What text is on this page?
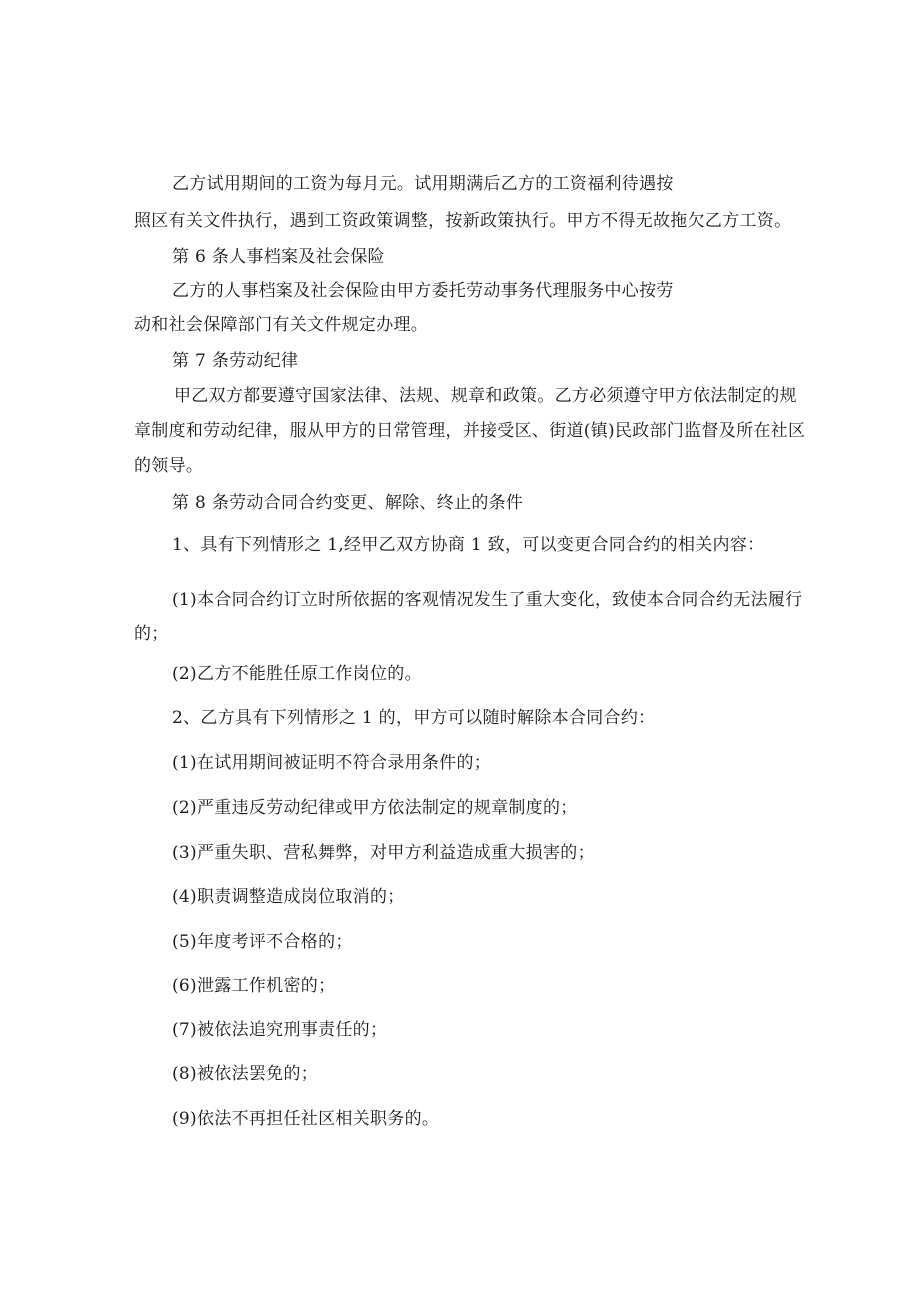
乙方试用期间的工资为每月元。试用期满后乙方的工资福利待遇按
照区有关文件执行，遇到工资政策调整，按新政策执行。甲方不得无故拖欠乙方工资。
第 6 条人事档案及社会保险
乙方的人事档案及社会保险由甲方委托劳动事务代理服务中心按劳
动和社会保障部门有关文件规定办理。
第 7 条劳动纪律
甲乙双方都要遵守国家法律、法规、规章和政策。乙方必须遵守甲方依法制定的规
章制度和劳动纪律，服从甲方的日常管理，并接受区、街道(镇)民政部门监督及所在社区
的领导。
第 8 条劳动合同合约变更、解除、终止的条件
1、具有下列情形之 1,经甲乙双方协商 1 致，可以变更合同合约的相关内容：
(1)本合同合约订立时所依据的客观情况发生了重大变化，致使本合同合约无法履行
的；
(2)乙方不能胜任原工作岗位的。
2、乙方具有下列情形之 1 的，甲方可以随时解除本合同合约：
(1)在试用期间被证明不符合录用条件的；
(2)严重违反劳动纪律或甲方依法制定的规章制度的；
(3)严重失职、营私舞弊，对甲方利益造成重大损害的；
(4)职责调整造成岗位取消的；
(5)年度考评不合格的；
(6)泄露工作机密的；
(7)被依法追究刑事责任的；
(8)被依法罢免的；
(9)依法不再担任社区相关职务的。
